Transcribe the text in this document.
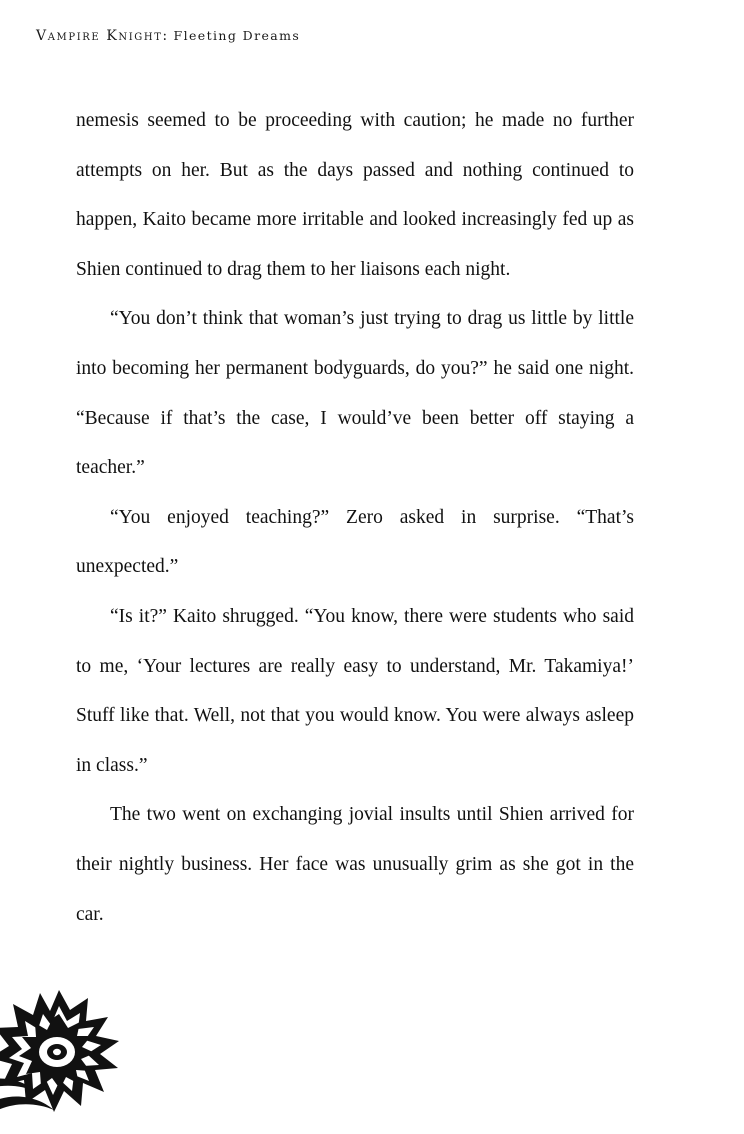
Vampire Knight: Fleeting Dreams

nemesis seemed to be proceeding with caution; he made no further attempts on her. But as the days passed and nothing continued to happen, Kaito became more irritable and looked increasingly fed up as Shien continued to drag them to her liaisons each night.

“You don’t think that woman’s just trying to drag us little by little into becoming her permanent bodyguards, do you?” he said one night. “Because if that’s the case, I would’ve been better off staying a teacher.”

“You enjoyed teaching?” Zero asked in surprise. “That’s unexpected.”

“Is it?” Kaito shrugged. “You know, there were students who said to me, ‘Your lectures are really easy to understand, Mr. Takamiya!’ Stuff like that. Well, not that you would know. You were always asleep in class.”

The two went on exchanging jovial insults until Shien arrived for their nightly business. Her face was unusually grim as she got in the car.
